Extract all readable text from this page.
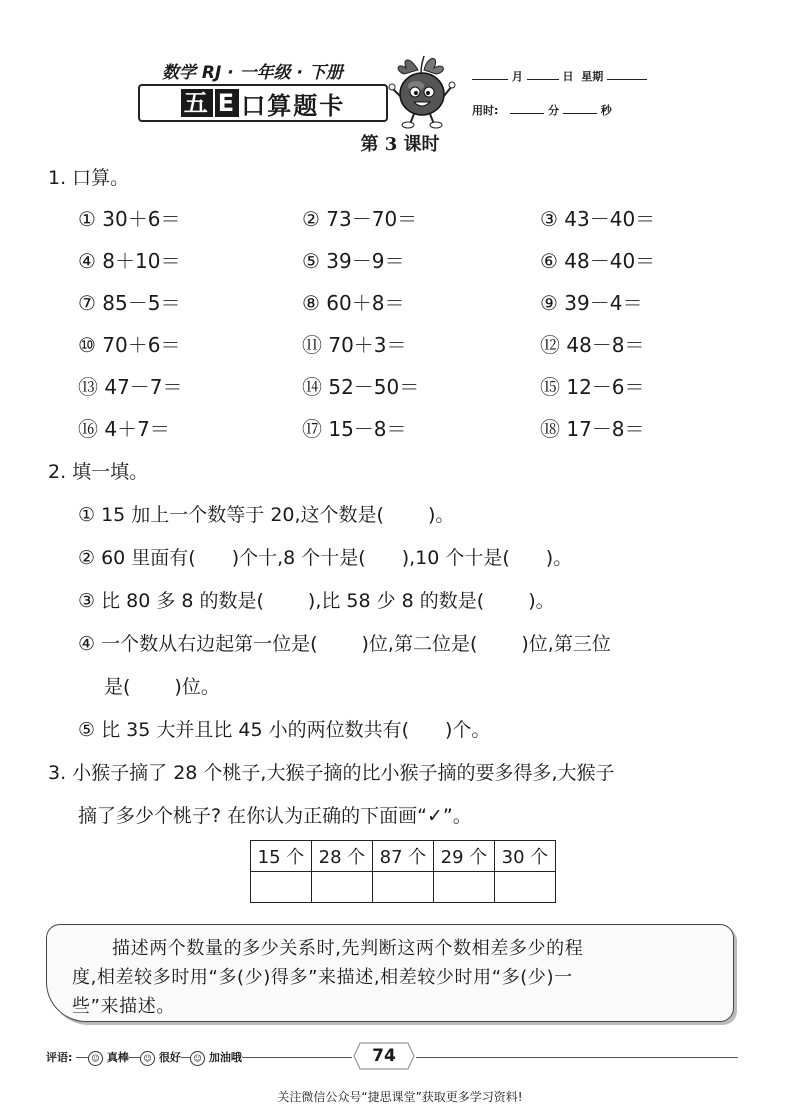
数学 RJ · 一年级 · 下册
五 E 口算题卡
月	日 星期
用时:	分	秒
第 3 课时
1. 口算。
① 30＋6＝	② 73－70＝	③ 43－40＝
④ 8＋10＝	⑤ 39－9＝	⑥ 48－40＝
⑦ 85－5＝	⑧ 60＋8＝	⑨ 39－4＝
⑩ 70＋6＝	⑪ 70＋3＝	⑫ 48－8＝
⑬ 47－7＝	⑭ 52－50＝	⑮ 12－6＝
⑯ 4＋7＝	⑰ 15－8＝	⑱ 17－8＝
2. 填一填。
① 15 加上一个数等于 20,这个数是( )。
② 60 里面有( )个十,8 个十是( ),10 个十是( )。
③ 比 80 多 8 的数是( ),比 58 少 8 的数是( )。
④ 一个数从右边起第一位是( )位,第二位是( )位,第三位
是( )位。
⑤ 比 35 大并且比 45 小的两位数共有( )个。
3. 小猴子摘了 28 个桃子,大猴子摘的比小猴子摘的要多得多,大猴子
摘了多少个桃子? 在你认为正确的下面画“✓”。
15 个	28 个	87 个	29 个	30 个

描述两个数量的多少关系时,先判断这两个数相差多少的程
度,相差较多时用“多(少)得多”来描述,相差较少时用“多(少)一
些”来描述。
评语:	☺ 真棒	☺ 很好	☺ 加油哦	74
关注微信公众号“捷思课堂”获取更多学习资料!
